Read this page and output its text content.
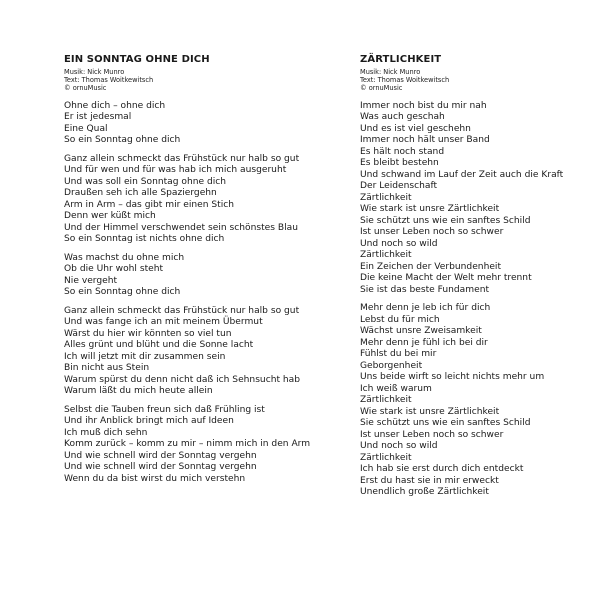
EIN SONNTAG OHNE DICH
Musik: Nick Munro
Text: Thomas Woitkewitsch
© ornuMusic
Ohne dich – ohne dich
Er ist jedesmal
Eine Qual
So ein Sonntag ohne dich
Ganz allein schmeckt das Frühstück nur halb so gut
Und für wen und für was hab ich mich ausgeruht
Und was soll ein Sonntag ohne dich
Draußen seh ich alle Spaziergehn
Arm in Arm – das gibt mir einen Stich
Denn wer küßt mich
Und der Himmel verschwendet sein schönstes Blau
So ein Sonntag ist nichts ohne dich
Was machst du ohne mich
Ob die Uhr wohl steht
Nie vergeht
So ein Sonntag ohne dich
Ganz allein schmeckt das Frühstück nur halb so gut
Und was fange ich an mit meinem Übermut
Wärst du hier wir könnten so viel tun
Alles grünt und blüht und die Sonne lacht
Ich will jetzt mit dir zusammen sein
Bin nicht aus Stein
Warum spürst du denn nicht daß ich Sehnsucht hab
Warum läßt du mich heute allein
Selbst die Tauben freun sich daß Frühling ist
Und ihr Anblick bringt mich auf Ideen
Ich muß dich sehn
Komm zurück – komm zu mir – nimm mich in den Arm
Und wie schnell wird der Sonntag vergehn
Und wie schnell wird der Sonntag vergehn
Wenn du da bist wirst du mich verstehn
ZÄRTLICHKEIT
Musik: Nick Munro
Text: Thomas Woitkewitsch
© ornuMusic
Immer noch bist du mir nah
Was auch geschah
Und es ist viel geschehn
Immer noch hält unser Band
Es hält noch stand
Es bleibt bestehn
Und schwand im Lauf der Zeit auch die Kraft
Der Leidenschaft
Zärtlichkeit
Wie stark ist unsre Zärtlichkeit
Sie schützt uns wie ein sanftes Schild
Ist unser Leben noch so schwer
Und noch so wild
Zärtlichkeit
Ein Zeichen der Verbundenheit
Die keine Macht der Welt mehr trennt
Sie ist das beste Fundament
Mehr denn je leb ich für dich
Lebst du für mich
Wächst unsre Zweisamkeit
Mehr denn je fühl ich bei dir
Fühlst du bei mir
Geborgenheit
Uns beide wirft so leicht nichts mehr um
Ich weiß warum
Zärtlichkeit
Wie stark ist unsre Zärtlichkeit
Sie schützt uns wie ein sanftes Schild
Ist unser Leben noch so schwer
Und noch so wild
Zärtlichkeit
Ich hab sie erst durch dich entdeckt
Erst du hast sie in mir erweckt
Unendlich große Zärtlichkeit
